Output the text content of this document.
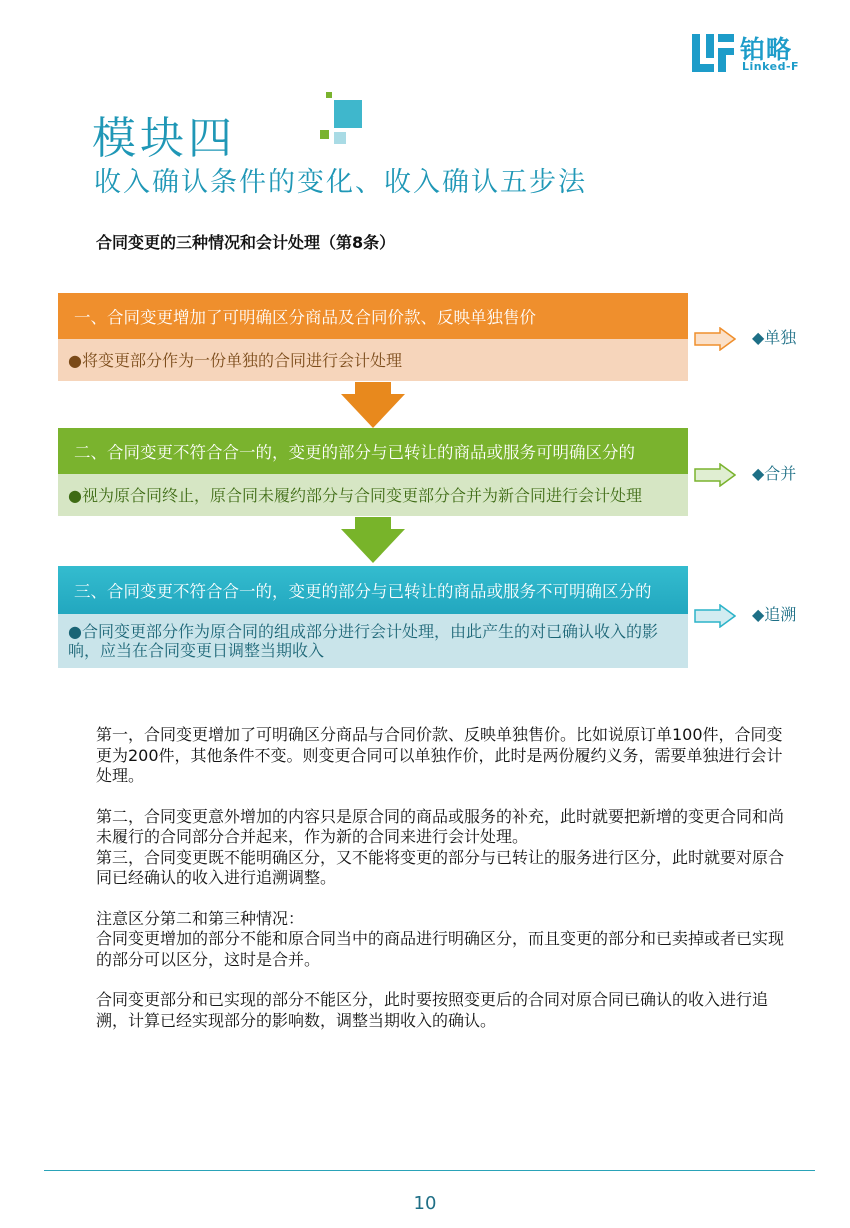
铂略
Linked-F
模块四
收入确认条件的变化、收入确认五步法
合同变更的三种情况和会计处理（第8条）
一、合同变更增加了可明确区分商品及合同价款、反映单独售价
●将变更部分作为一份单独的合同进行会计处理
◆单独
二、合同变更不符合合一的，变更的部分与已转让的商品或服务可明确区分的
●视为原合同终止，原合同未履约部分与合同变更部分合并为新合同进行会计处理
◆合并
三、合同变更不符合合一的，变更的部分与已转让的商品或服务不可明确区分的
●合同变更部分作为原合同的组成部分进行会计处理，由此产生的对已确认收入的影响，应当在合同变更日调整当期收入
◆追溯

第一，合同变更增加了可明确区分商品与合同价款、反映单独售价。比如说原订单100件，合同变更为200件，其他条件不变。则变更合同可以单独作价，此时是两份履约义务，需要单独进行会计处理。

第二，合同变更意外增加的内容只是原合同的商品或服务的补充，此时就要把新增的变更合同和尚未履行的合同部分合并起来，作为新的合同来进行会计处理。

第三，合同变更既不能明确区分，又不能将变更的部分与已转让的服务进行区分，此时就要对原合同已经确认的收入进行追溯调整。

注意区分第二和第三种情况：

合同变更增加的部分不能和原合同当中的商品进行明确区分，而且变更的部分和已卖掉或者已实现的部分可以区分，这时是合并。

合同变更部分和已实现的部分不能区分，此时要按照变更后的合同对原合同已确认的收入进行追溯，计算已经实现部分的影响数，调整当期收入的确认。

10
